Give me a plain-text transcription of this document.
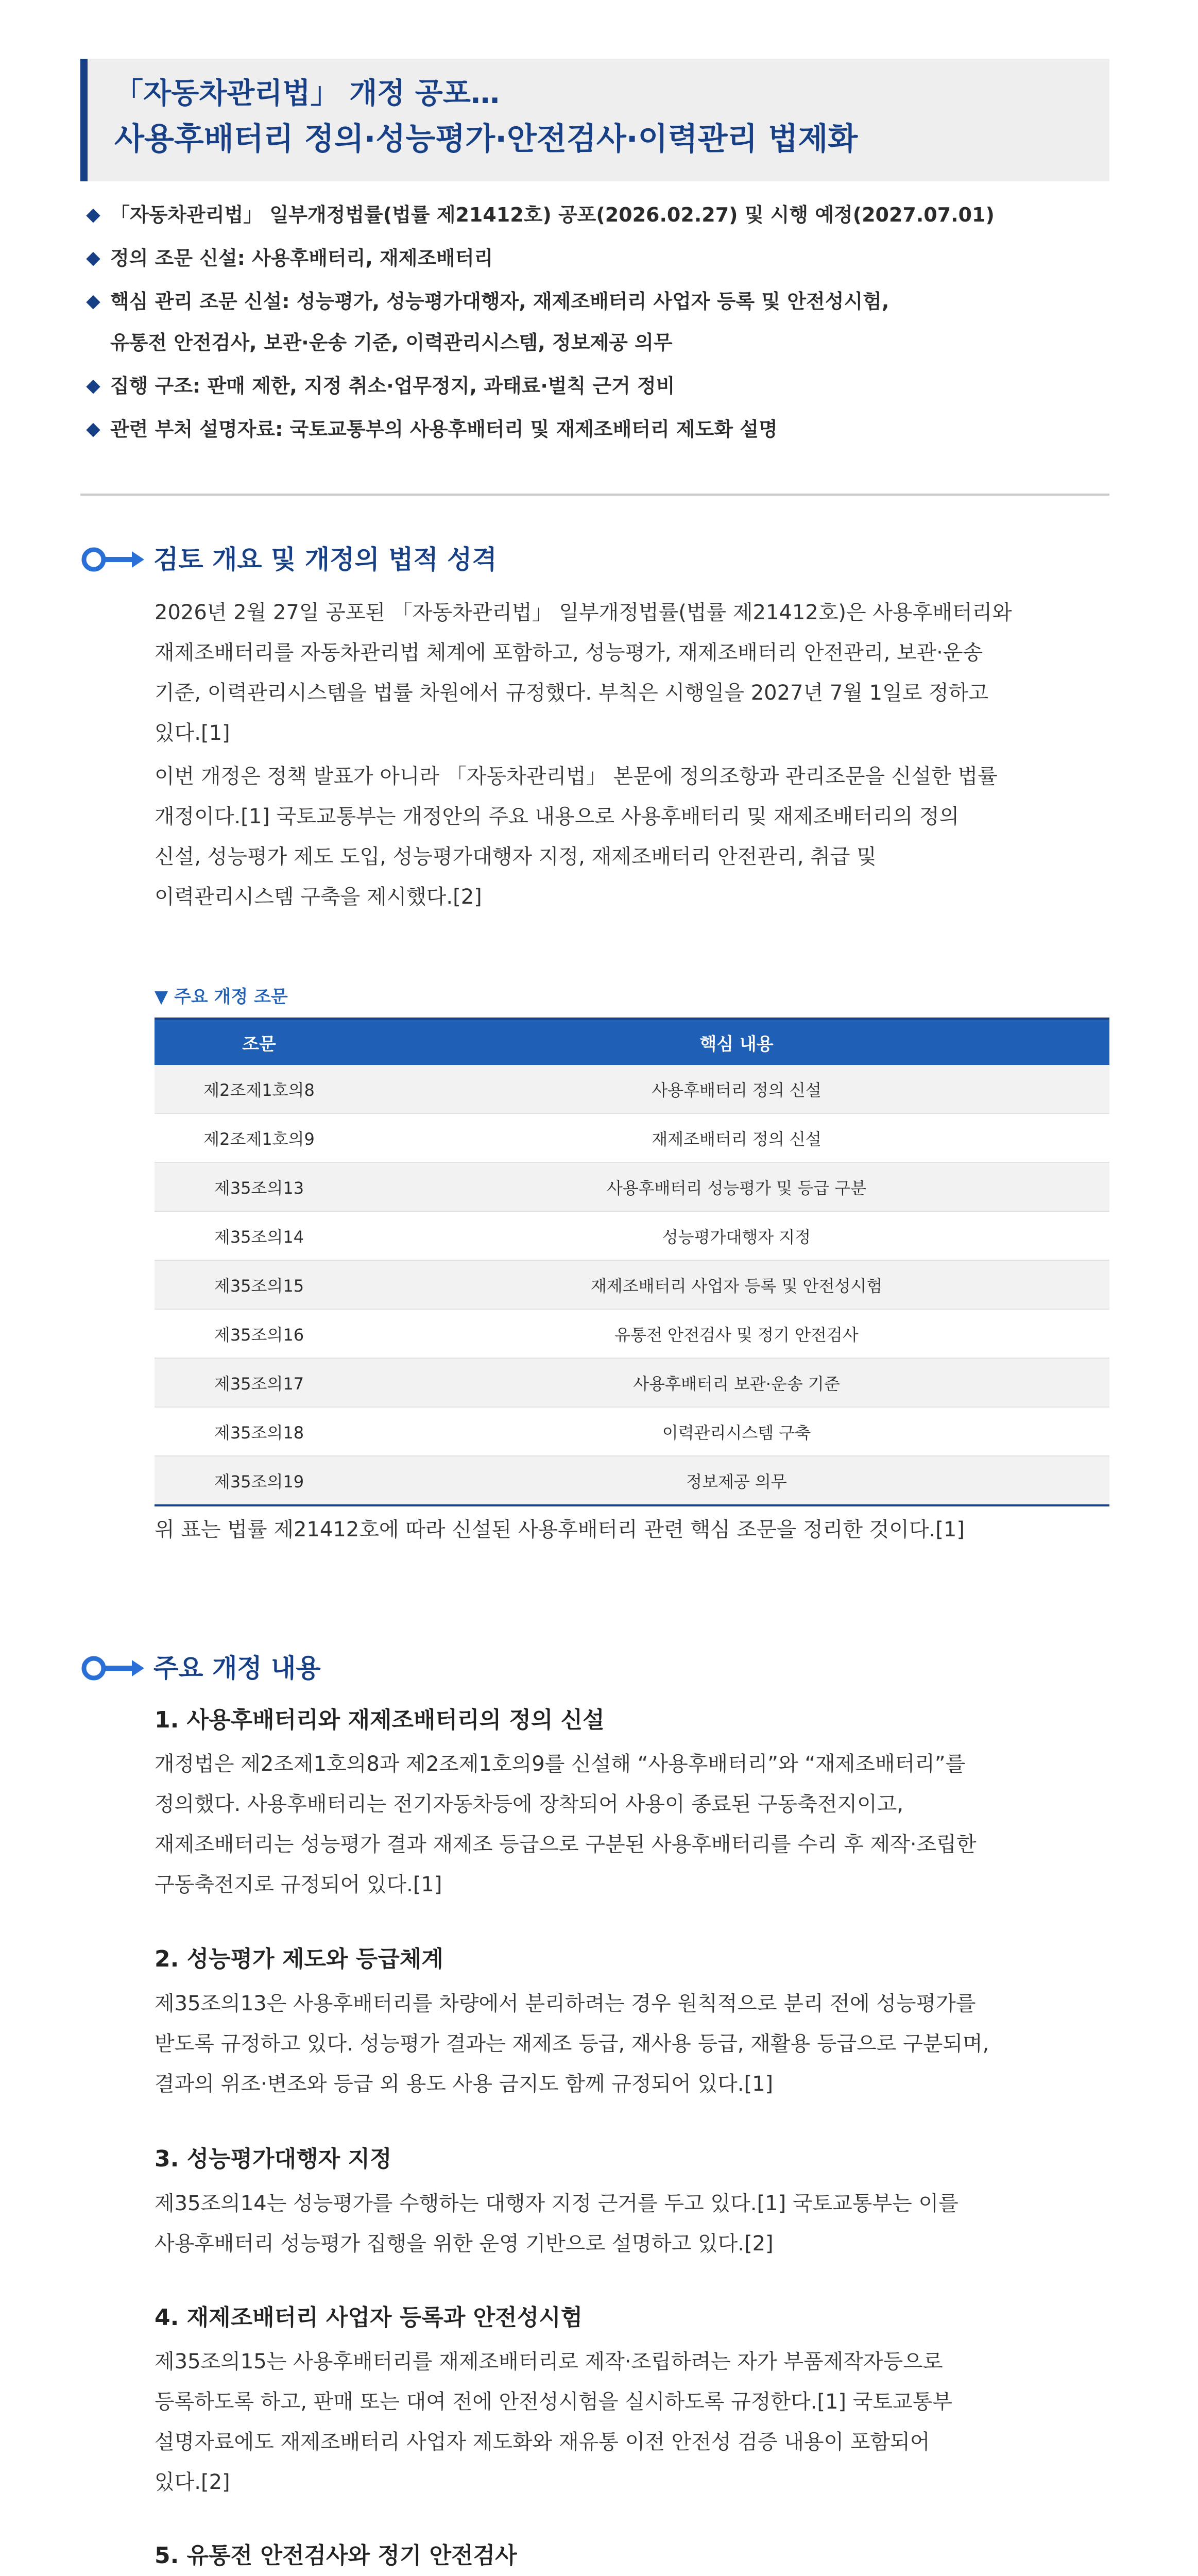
「자동차관리법」 개정 공포…
사용후배터리 정의·성능평가·안전검사·이력관리 법제화
◆ 「자동차관리법」 일부개정법률(법률 제21412호) 공포(2026.02.27) 및 시행 예정(2027.07.01)
◆ 정의 조문 신설: 사용후배터리, 재제조배터리
◆ 핵심 관리 조문 신설: 성능평가, 성능평가대행자, 재제조배터리 사업자 등록 및 안전성시험,
유통전 안전검사, 보관·운송 기준, 이력관리시스템, 정보제공 의무
◆ 집행 구조: 판매 제한, 지정 취소·업무정지, 과태료·벌칙 근거 정비
◆ 관련 부처 설명자료: 국토교통부의 사용후배터리 및 재제조배터리 제도화 설명
검토 개요 및 개정의 법적 성격
2026년 2월 27일 공포된 「자동차관리법」 일부개정법률(법률 제21412호)은 사용후배터리와
재제조배터리를 자동차관리법 체계에 포함하고, 성능평가, 재제조배터리 안전관리, 보관·운송
기준, 이력관리시스템을 법률 차원에서 규정했다. 부칙은 시행일을 2027년 7월 1일로 정하고
있다.[1]
이번 개정은 정책 발표가 아니라 「자동차관리법」 본문에 정의조항과 관리조문을 신설한 법률
개정이다.[1] 국토교통부는 개정안의 주요 내용으로 사용후배터리 및 재제조배터리의 정의
신설, 성능평가 제도 도입, 성능평가대행자 지정, 재제조배터리 안전관리, 취급 및
이력관리시스템 구축을 제시했다.[2]
▼ 주요 개정 조문
조문	핵심 내용
제2조제1호의8	사용후배터리 정의 신설
제2조제1호의9	재제조배터리 정의 신설
제35조의13	사용후배터리 성능평가 및 등급 구분
제35조의14	성능평가대행자 지정
제35조의15	재제조배터리 사업자 등록 및 안전성시험
제35조의16	유통전 안전검사 및 정기 안전검사
제35조의17	사용후배터리 보관·운송 기준
제35조의18	이력관리시스템 구축
제35조의19	정보제공 의무
위 표는 법률 제21412호에 따라 신설된 사용후배터리 관련 핵심 조문을 정리한 것이다.[1]
주요 개정 내용
1. 사용후배터리와 재제조배터리의 정의 신설
개정법은 제2조제1호의8과 제2조제1호의9를 신설해 “사용후배터리”와 “재제조배터리”를
정의했다. 사용후배터리는 전기자동차등에 장착되어 사용이 종료된 구동축전지이고,
재제조배터리는 성능평가 결과 재제조 등급으로 구분된 사용후배터리를 수리 후 제작·조립한
구동축전지로 규정되어 있다.[1]
2. 성능평가 제도와 등급체계
제35조의13은 사용후배터리를 차량에서 분리하려는 경우 원칙적으로 분리 전에 성능평가를
받도록 규정하고 있다. 성능평가 결과는 재제조 등급, 재사용 등급, 재활용 등급으로 구분되며,
결과의 위조·변조와 등급 외 용도 사용 금지도 함께 규정되어 있다.[1]
3. 성능평가대행자 지정
제35조의14는 성능평가를 수행하는 대행자 지정 근거를 두고 있다.[1] 국토교통부는 이를
사용후배터리 성능평가 집행을 위한 운영 기반으로 설명하고 있다.[2]
4. 재제조배터리 사업자 등록과 안전성시험
제35조의15는 사용후배터리를 재제조배터리로 제작·조립하려는 자가 부품제작자등으로
등록하도록 하고, 판매 또는 대여 전에 안전성시험을 실시하도록 규정한다.[1] 국토교통부
설명자료에도 재제조배터리 사업자 제도화와 재유통 이전 안전성 검증 내용이 포함되어
있다.[2]
5. 유통전 안전검사와 정기 안전검사
